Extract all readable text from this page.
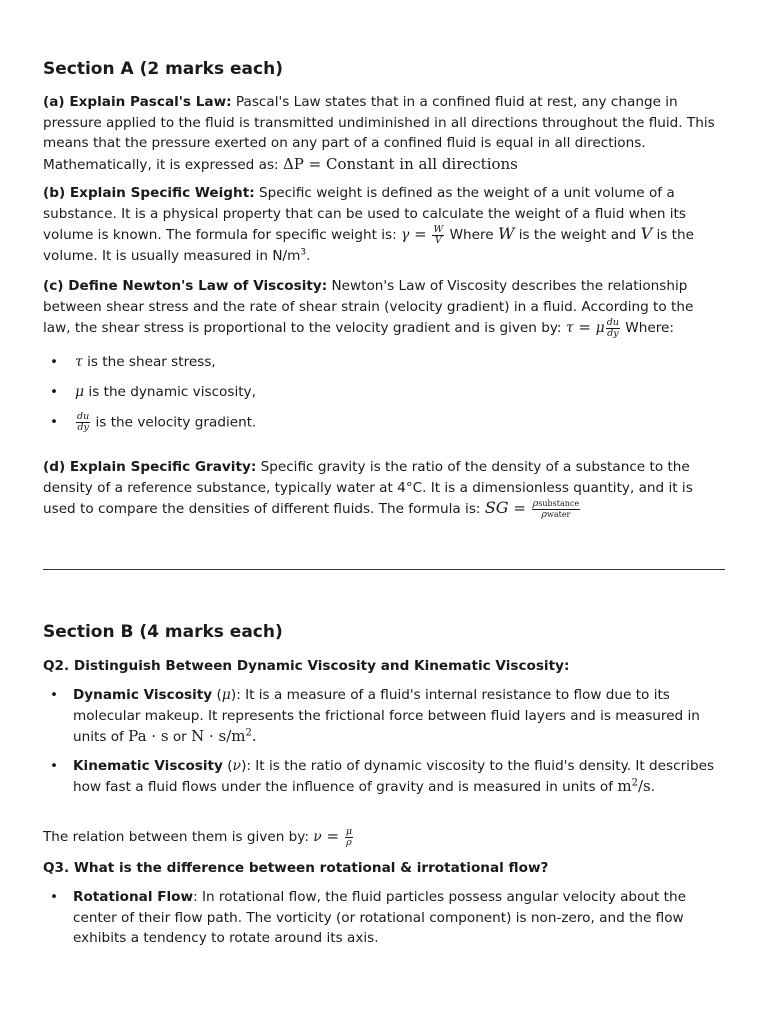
Section A (2 marks each)

(a) Explain Pascal's Law: Pascal's Law states that in a confined fluid at rest, any change in pressure applied to the fluid is transmitted undiminished in all directions throughout the fluid. This means that the pressure exerted on any part of a confined fluid is equal in all directions. Mathematically, it is expressed as: ΔP = Constant in all directions

(b) Explain Specific Weight: Specific weight is defined as the weight of a unit volume of a substance. It is a physical property that can be used to calculate the weight of a fluid when its volume is known. The formula for specific weight is: $\gamma = \frac{W}{V}$ Where W is the weight and V is the volume. It is usually measured in $N/m^3$.

(c) Define Newton's Law of Viscosity: Newton's Law of Viscosity describes the relationship between shear stress and the rate of shear strain (velocity gradient) in a fluid. According to the law, the shear stress is proportional to the velocity gradient and is given by: τ = μ $\frac{du}{dy}$ Where:

• τ is the shear stress,
• μ is the dynamic viscosity,
• $\frac{du}{dy}$ is the velocity gradient.

(d) Explain Specific Gravity: Specific gravity is the ratio of the density of a substance to the density of a reference substance, typically water at 4°C. It is a dimensionless quantity, and it is used to compare the densities of different fluids. The formula is: SG = $\frac{\text{ρsubstance}}{\text{ρwater}}$

Section B (4 marks each)

Q2. Distinguish Between Dynamic Viscosity and Kinematic Viscosity:

• Dynamic Viscosity (μ): It is a measure of a fluid's internal resistance to flow due to its molecular makeup. It represents the frictional force between fluid layers and is measured in units of Pa · s or $N \cdot s/m^2$.
• Kinematic Viscosity (ν): It is the ratio of dynamic viscosity to the fluid's density. It describes how fast a fluid flows under the influence of gravity and is measured in units of $m^2/s$.

The relation between them is given by: $\nu = \frac{\mu}{\rho}$

Q3. What is the difference between rotational & irrotational flow?

• Rotational Flow: In rotational flow, the fluid particles possess angular velocity about the center of their flow path. The vorticity (or rotational component) is non-zero, and the flow exhibits a tendency to rotate around its axis.
